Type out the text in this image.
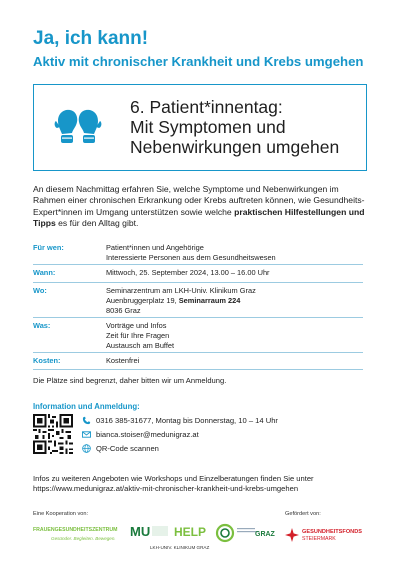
Ja, ich kann!
Aktiv mit chronischer Krankheit und Krebs umgehen
6. Patient*innentag:
Mit Symptomen und
Nebenwirkungen umgehen
An diesem Nachmittag erfahren Sie, welche Symptome und Nebenwirkungen im Rahmen einer chronischen Erkrankung oder Krebs auftreten können, wie Gesundheits-Expert*innen im Umgang unterstützen sowie welche praktischen Hilfestellungen und Tipps es für den Alltag gibt.
Für wen:	Patient*innen und Angehörige
Interessierte Personen aus dem Gesundheitswesen
Wann:	Mittwoch, 25. September 2024, 13.00 – 16.00 Uhr
Wo:	Seminarzentrum am LKH-Univ. Klinikum Graz
Auenbruggerplatz 19, Seminarraum 224
8036 Graz
Was:	Vorträge und Infos
Zeit für Ihre Fragen
Austausch am Buffet
Kosten:	Kostenfrei
Die Plätze sind begrenzt, daher bitten wir um Anmeldung.
Information und Anmeldung:
0316 385-31677, Montag bis Donnerstag, 10 – 14 Uhr
bianca.stoiser@medunigraz.at
QR-Code scannen
Infos zu weiteren Angeboten wie Workshops und Einzelberatungen finden Sie unter
https://www.medunigraz.at/aktiv-mit-chronischer-krankheit-und-krebs-umgehen
Eine Kooperation von:	Gefördert von:
FRAUENGESUNDHEITSZENTRUM
Gesünder. Begleiten. Bewegen.	MU HELP
LKH-UNIV. KLINIKUM GRAZ
GRAZ	GESUNDHEITSFONDS
STEIERMARK
